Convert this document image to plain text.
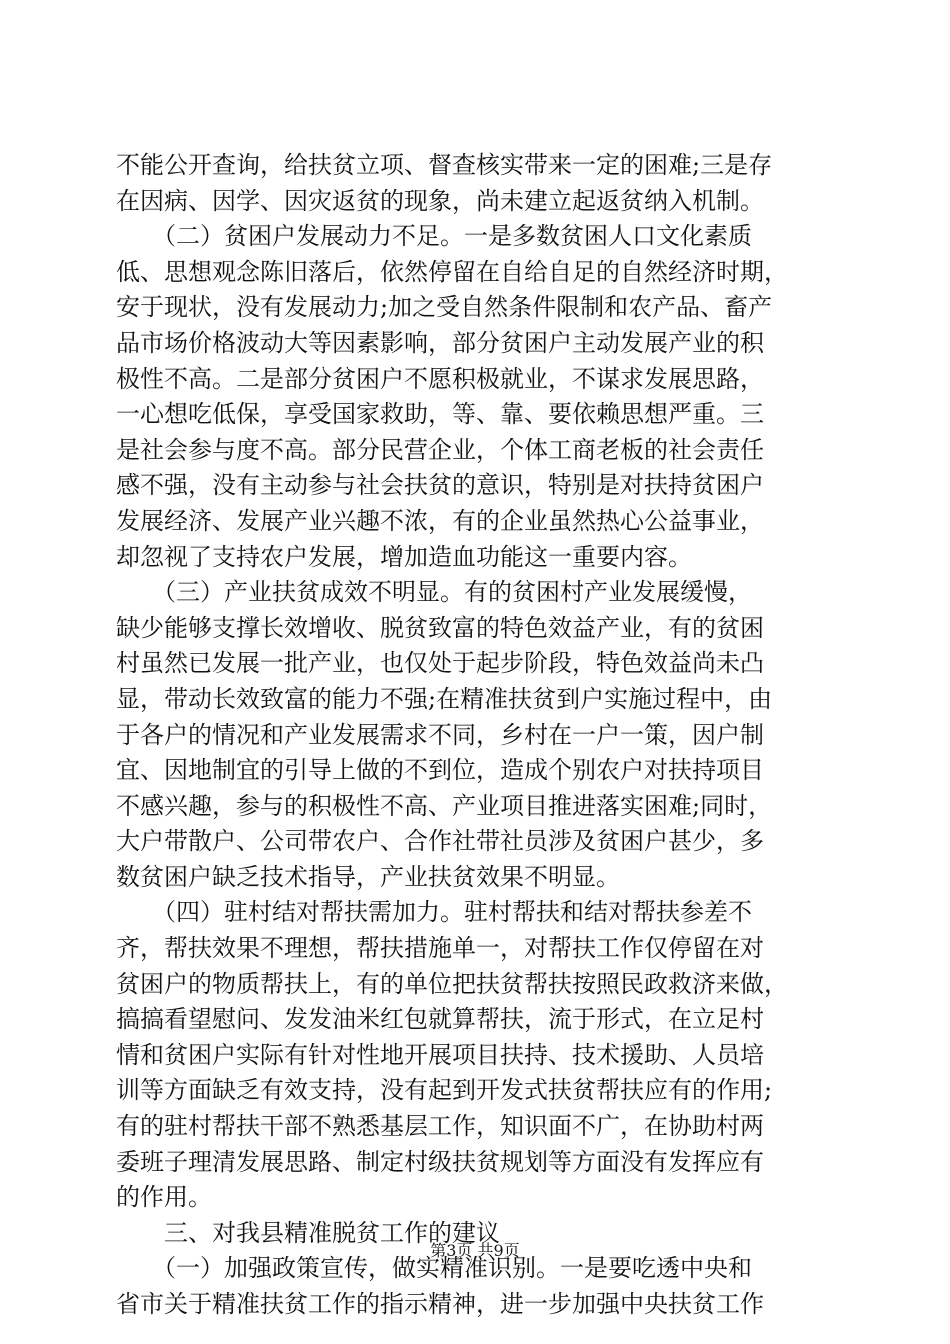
不能公开查询，给扶贫立项、督查核实带来一定的困难;三是存
在因病、因学、因灾返贫的现象，尚未建立起返贫纳入机制。
　　（二）贫困户发展动力不足。一是多数贫困人口文化素质
低、思想观念陈旧落后，依然停留在自给自足的自然经济时期，
安于现状，没有发展动力;加之受自然条件限制和农产品、畜产
品市场价格波动大等因素影响，部分贫困户主动发展产业的积
极性不高。二是部分贫困户不愿积极就业，不谋求发展思路，
一心想吃低保，享受国家救助，等、靠、要依赖思想严重。三
是社会参与度不高。部分民营企业，个体工商老板的社会责任
感不强，没有主动参与社会扶贫的意识，特别是对扶持贫困户
发展经济、发展产业兴趣不浓，有的企业虽然热心公益事业，
却忽视了支持农户发展，增加造血功能这一重要内容。
　　（三）产业扶贫成效不明显。有的贫困村产业发展缓慢，
缺少能够支撑长效增收、脱贫致富的特色效益产业，有的贫困
村虽然已发展一批产业，也仅处于起步阶段，特色效益尚未凸
显，带动长效致富的能力不强;在精准扶贫到户实施过程中，由
于各户的情况和产业发展需求不同，乡村在一户一策，因户制
宜、因地制宜的引导上做的不到位，造成个别农户对扶持项目
不感兴趣，参与的积极性不高、产业项目推进落实困难;同时，
大户带散户、公司带农户、合作社带社员涉及贫困户甚少，多
数贫困户缺乏技术指导，产业扶贫效果不明显。
　　（四）驻村结对帮扶需加力。驻村帮扶和结对帮扶参差不
齐，帮扶效果不理想，帮扶措施单一，对帮扶工作仅停留在对
贫困户的物质帮扶上，有的单位把扶贫帮扶按照民政救济来做，
搞搞看望慰问、发发油米红包就算帮扶，流于形式，在立足村
情和贫困户实际有针对性地开展项目扶持、技术援助、人员培
训等方面缺乏有效支持，没有起到开发式扶贫帮扶应有的作用;
有的驻村帮扶干部不熟悉基层工作，知识面不广，在协助村两
委班子理清发展思路、制定村级扶贫规划等方面没有发挥应有
的作用。
　　三、对我县精准脱贫工作的建议
　　（一）加强政策宣传，做实精准识别。一是要吃透中央和
省市关于精准扶贫工作的指示精神，进一步加强中央扶贫工作
第3页 共9页
